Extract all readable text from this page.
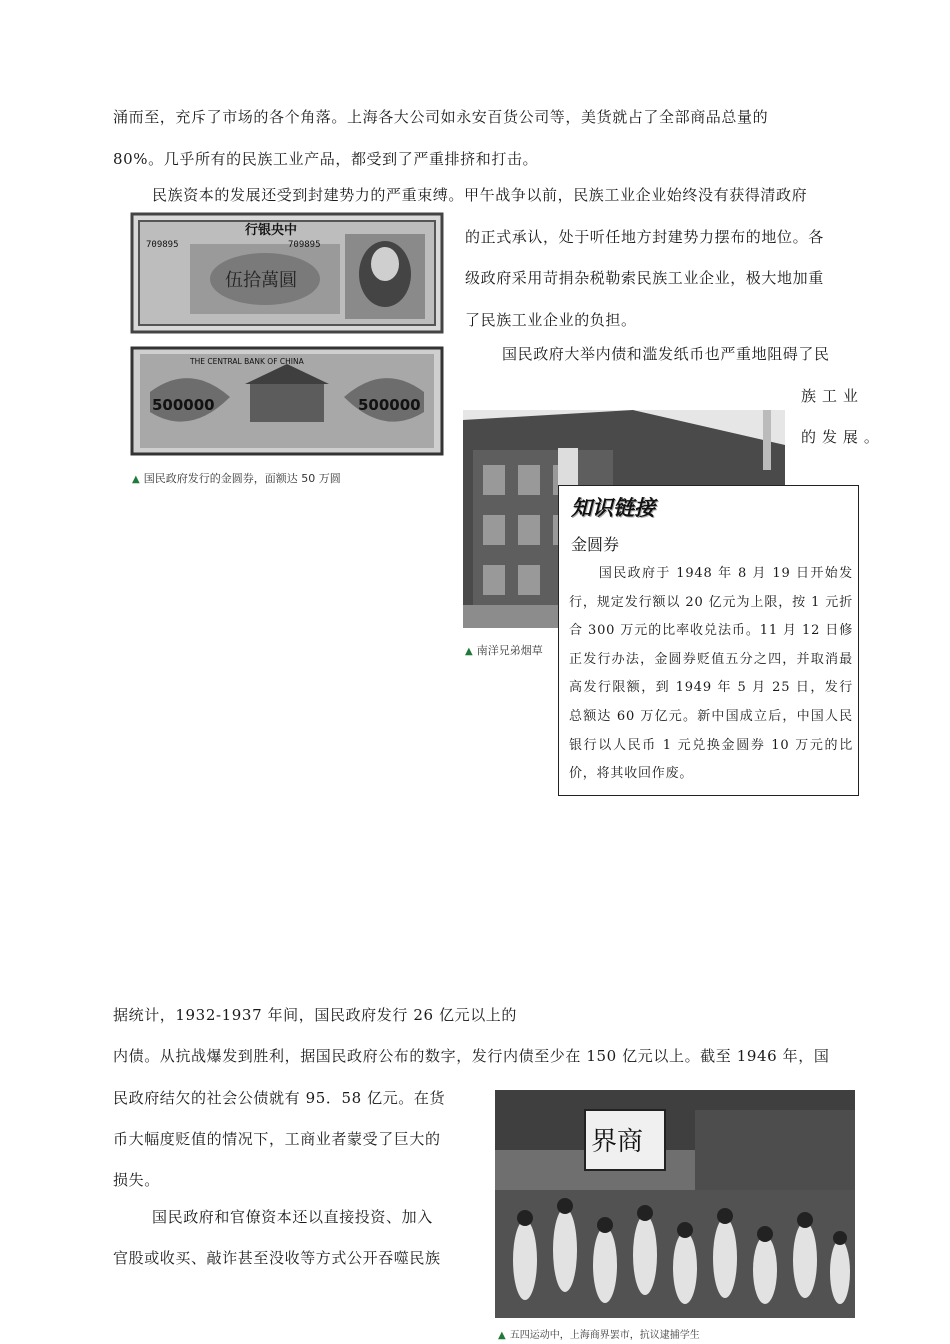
涌而至，充斥了市场的各个角落。上海各大公司如永安百货公司等，美货就占了全部商品总量的
80%。几乎所有的民族工业产品，都受到了严重排挤和打击。
民族资本的发展还受到封建势力的严重束缚。甲午战争以前，民族工业企业始终没有获得清政府
的正式承认，处于听任地方封建势力摆布的地位。各
级政府采用苛捐杂税勒索民族工业企业，极大地加重
了民族工业企业的负担。
国民政府大举内债和滥发纸币也严重地阻碍了民
族 工 业
的 发 展 。
行银央中
709895	709895
伍拾萬圓
THE CENTRAL BANK OF CHINA
500000	500000
▲ 国民政府发行的金圆券，面额达 50 万圆
▲ 南洋兄弟烟草
知识链接
金圆券
国民政府于 1948 年 8 月 19 日开始发行，规定发行额以 20 亿元为上限，按 1 元折合 300 万元的比率收兑法币。11 月 12 日修正发行办法，金圆券贬值五分之四，并取消最高发行限额，到 1949 年 5 月 25 日，发行总额达 60 万亿元。新中国成立后，中国人民银行以人民币 1 元兑换金圆券 10 万元的比价，将其收回作废。
据统计，1932-1937 年间，国民政府发行 26 亿元以上的
内债。从抗战爆发到胜利，据国民政府公布的数字，发行内债至少在 150 亿元以上。截至 1946 年，国
民政府结欠的社会公债就有 95．58 亿元。在货
币大幅度贬值的情况下，工商业者蒙受了巨大的
损失。
国民政府和官僚资本还以直接投资、加入
官股或收买、敲诈甚至没收等方式公开吞噬民族
界商
▲ 五四运动中，上海商界罢市，抗议逮捕学生
